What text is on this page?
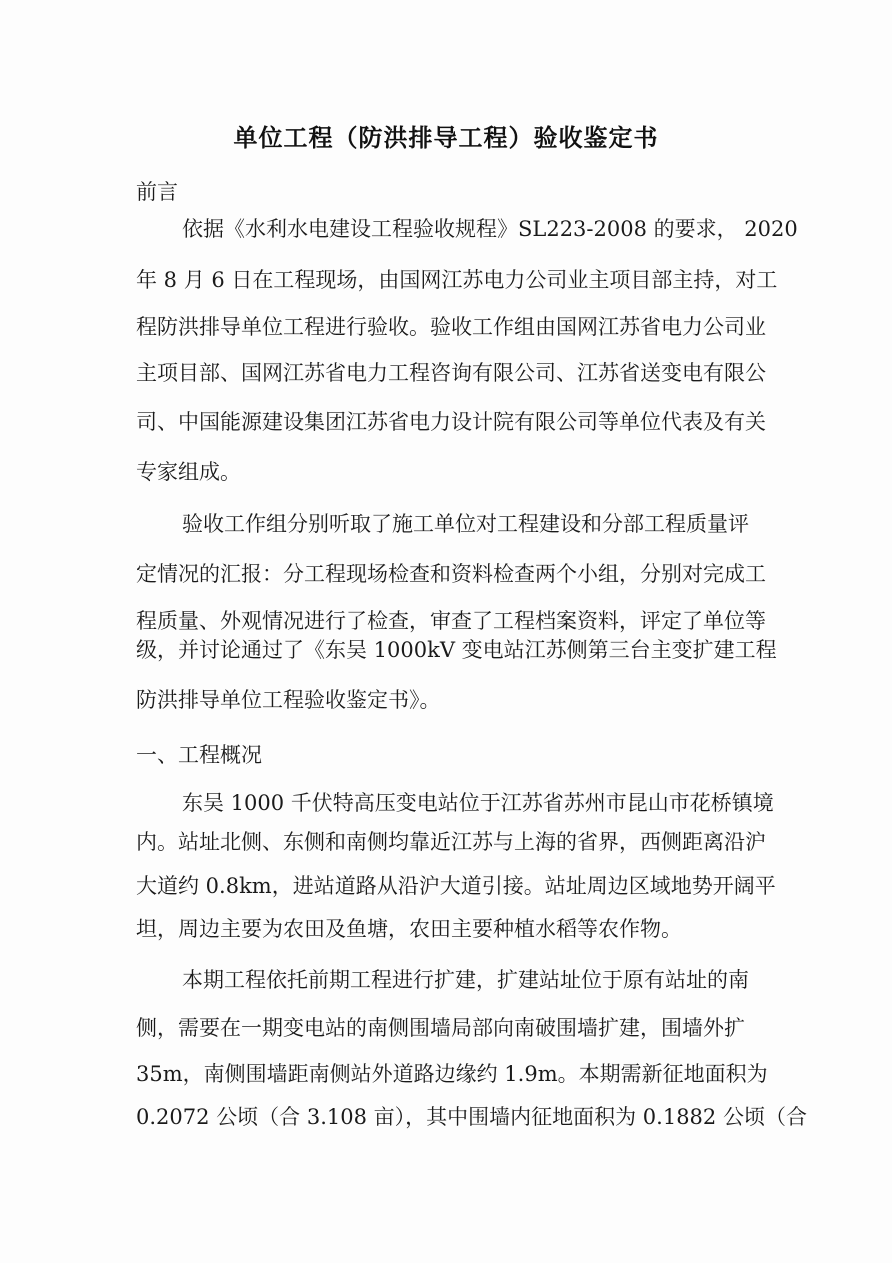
单位工程（防洪排导工程）验收鉴定书
前言
依据《水利水电建设工程验收规程》SL223-2008 的要求， 2020
年 8 月 6 日在工程现场，由国网江苏电力公司业主项目部主持，对工
程防洪排导单位工程进行验收。验收工作组由国网江苏省电力公司业
主项目部、国网江苏省电力工程咨询有限公司、江苏省送变电有限公
司、中国能源建设集团江苏省电力设计院有限公司等单位代表及有关
专家组成。
验收工作组分别听取了施工单位对工程建设和分部工程质量评
定情况的汇报：分工程现场检查和资料检查两个小组，分别对完成工
程质量、外观情况进行了检查，审查了工程档案资料，评定了单位等
级，并讨论通过了《东吴 1000kV 变电站江苏侧第三台主变扩建工程
防洪排导单位工程验收鉴定书》。
一、工程概况
东吴 1000 千伏特高压变电站位于江苏省苏州市昆山市花桥镇境
内。站址北侧、东侧和南侧均靠近江苏与上海的省界，西侧距离沿沪
大道约 0.8km，进站道路从沿沪大道引接。站址周边区域地势开阔平
坦，周边主要为农田及鱼塘，农田主要种植水稻等农作物。
本期工程依托前期工程进行扩建，扩建站址位于原有站址的南
侧，需要在一期变电站的南侧围墙局部向南破围墙扩建，围墙外扩
35m，南侧围墙距南侧站外道路边缘约 1.9m。本期需新征地面积为
0.2072 公顷（合 3.108 亩），其中围墙内征地面积为 0.1882 公顷（合
